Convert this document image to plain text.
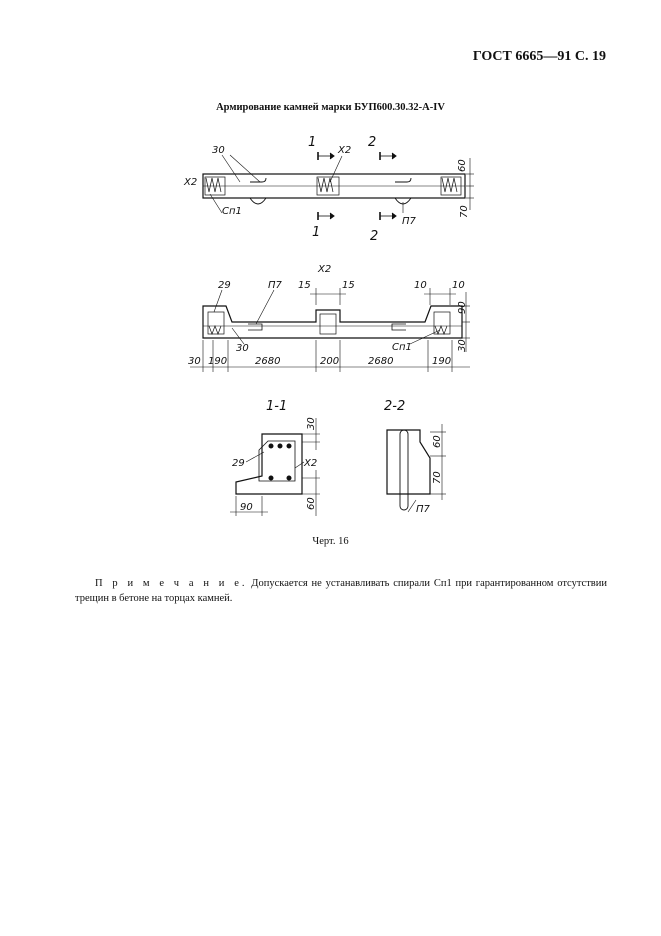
ГОСТ 6665—91 С. 19
Армирование камней марки БУП600.30.32-А-IV
60
70
30
Х2
Х2
Сп1
П7
1	2
1	2
29	П7
Х2
15	15	10	10
30	Сп1
30 190	2680	200	2680	190
90
30
1-1
29	Х2
90
30
60
2-2
60
70
П7
Черт. 16
П р и м е ч а н и е. Допускается не устанавливать спирали Сп1 при гарантированном отсутствии трещин в бетоне на торцах камней.
